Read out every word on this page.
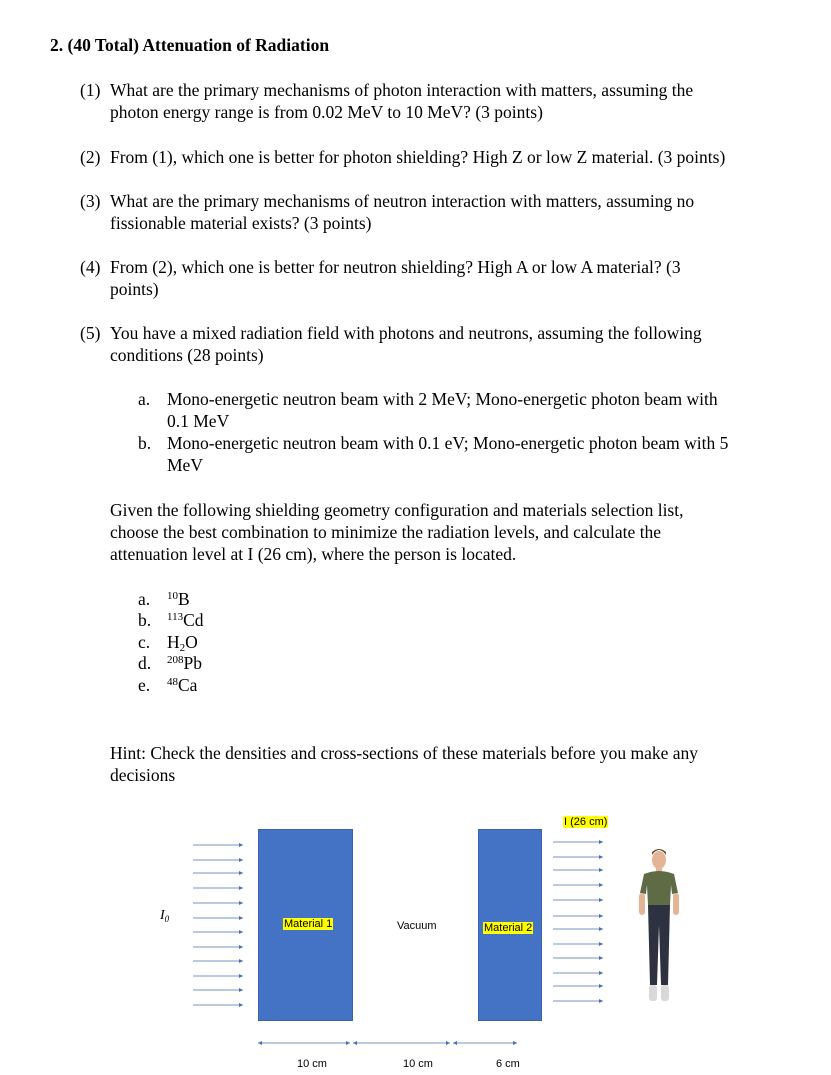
2. (40 Total) Attenuation of Radiation
(1) What are the primary mechanisms of photon interaction with matters, assuming the
photon energy range is from 0.02 MeV to 10 MeV? (3 points)
(2) From (1), which one is better for photon shielding? High Z or low Z material. (3 points)
(3) What are the primary mechanisms of neutron interaction with matters, assuming no
fissionable material exists? (3 points)
(4) From (2), which one is better for neutron shielding? High A or low A material? (3
points)
(5) You have a mixed radiation field with photons and neutrons, assuming the following
conditions (28 points)
a. Mono-energetic neutron beam with 2 MeV; Mono-energetic photon beam with
0.1 MeV
b. Mono-energetic neutron beam with 0.1 eV; Mono-energetic photon beam with 5
MeV
Given the following shielding geometry configuration and materials selection list,
choose the best combination to minimize the radiation levels, and calculate the
attenuation level at I (26 cm), where the person is located.
a. $^{10}$B
b. $^{113}$Cd
c. $H_2O$
d. $^{208}$Pb
e. $^{48}$Ca
Hint: Check the densities and cross-sections of these materials before you make any
decisions
Material 1	Vacuum	Material 2
I (26 cm)
$I_0$
10 cm	10 cm	6 cm
